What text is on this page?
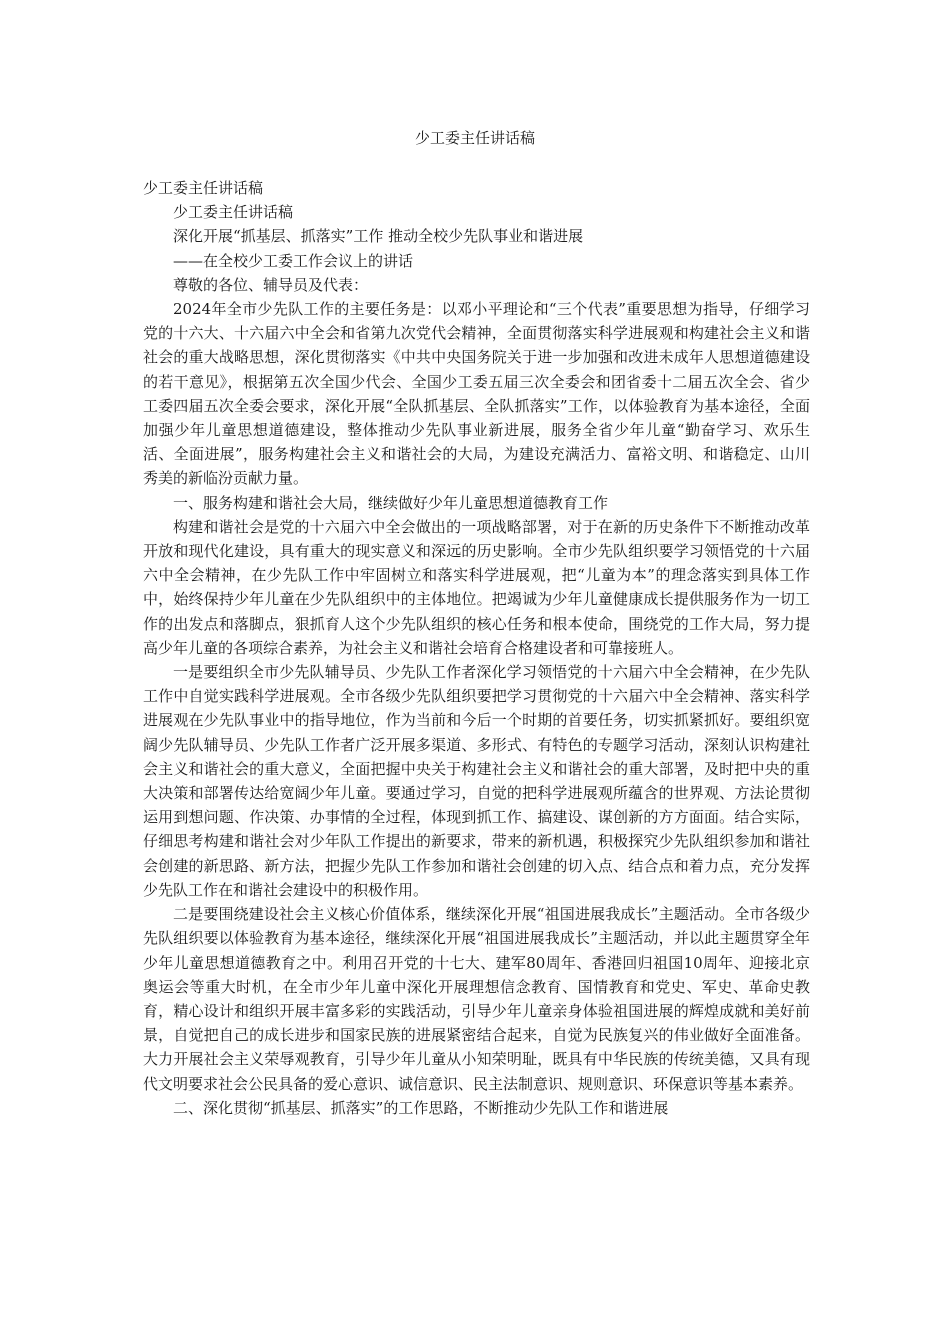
少工委主任讲话稿

少工委主任讲话稿

少工委主任讲话稿

深化开展“抓基层、抓落实”工作 推动全校少先队事业和谐进展

——在全校少工委工作会议上的讲话

尊敬的各位、辅导员及代表：

2024年全市少先队工作的主要任务是：以邓小平理论和“三个代表”重要思想为指导，仔细学习党的十六大、十六届六中全会和省第九次党代会精神，全面贯彻落实科学进展观和构建社会主义和谐社会的重大战略思想，深化贯彻落实《中共中央国务院关于进一步加强和改进未成年人思想道德建设的若干意见》，根据第五次全国少代会、全国少工委五届三次全委会和团省委十二届五次全会、省少工委四届五次全委会要求，深化开展“全队抓基层、全队抓落实”工作，以体验教育为基本途径，全面加强少年儿童思想道德建设，整体推动少先队事业新进展，服务全省少年儿童“勤奋学习、欢乐生活、全面进展”，服务构建社会主义和谐社会的大局，为建设充满活力、富裕文明、和谐稳定、山川秀美的新临汾贡献力量。

一、服务构建和谐社会大局，继续做好少年儿童思想道德教育工作

构建和谐社会是党的十六届六中全会做出的一项战略部署，对于在新的历史条件下不断推动改革开放和现代化建设，具有重大的现实意义和深远的历史影响。全市少先队组织要学习领悟党的十六届六中全会精神，在少先队工作中牢固树立和落实科学进展观，把“儿童为本”的理念落实到具体工作中，始终保持少年儿童在少先队组织中的主体地位。把竭诚为少年儿童健康成长提供服务作为一切工作的出发点和落脚点，狠抓育人这个少先队组织的核心任务和根本使命，围绕党的工作大局，努力提高少年儿童的各项综合素养，为社会主义和谐社会培育合格建设者和可靠接班人。

一是要组织全市少先队辅导员、少先队工作者深化学习领悟党的十六届六中全会精神，在少先队工作中自觉实践科学进展观。全市各级少先队组织要把学习贯彻党的十六届六中全会精神、落实科学进展观在少先队事业中的指导地位，作为当前和今后一个时期的首要任务，切实抓紧抓好。要组织宽阔少先队辅导员、少先队工作者广泛开展多渠道、多形式、有特色的专题学习活动，深刻认识构建社会主义和谐社会的重大意义，全面把握中央关于构建社会主义和谐社会的重大部署，及时把中央的重大决策和部署传达给宽阔少年儿童。要通过学习，自觉的把科学进展观所蕴含的世界观、方法论贯彻运用到想问题、作决策、办事情的全过程，体现到抓工作、搞建设、谋创新的方方面面。结合实际，仔细思考构建和谐社会对少年队工作提出的新要求，带来的新机遇，积极探究少先队组织参加和谐社会创建的新思路、新方法，把握少先队工作参加和谐社会创建的切入点、结合点和着力点，充分发挥少先队工作在和谐社会建设中的积极作用。

二是要围绕建设社会主义核心价值体系，继续深化开展“祖国进展我成长”主题活动。全市各级少先队组织要以体验教育为基本途径，继续深化开展“祖国进展我成长”主题活动，并以此主题贯穿全年少年儿童思想道德教育之中。利用召开党的十七大、建军80周年、香港回归祖国10周年、迎接北京奥运会等重大时机，在全市少年儿童中深化开展理想信念教育、国情教育和党史、军史、革命史教育，精心设计和组织开展丰富多彩的实践活动，引导少年儿童亲身体验祖国进展的辉煌成就和美好前景，自觉把自己的成长进步和国家民族的进展紧密结合起来，自觉为民族复兴的伟业做好全面准备。大力开展社会主义荣辱观教育，引导少年儿童从小知荣明耻，既具有中华民族的传统美德，又具有现代文明要求社会公民具备的爱心意识、诚信意识、民主法制意识、规则意识、环保意识等基本素养。

二、深化贯彻“抓基层、抓落实”的工作思路，不断推动少先队工作和谐进展
